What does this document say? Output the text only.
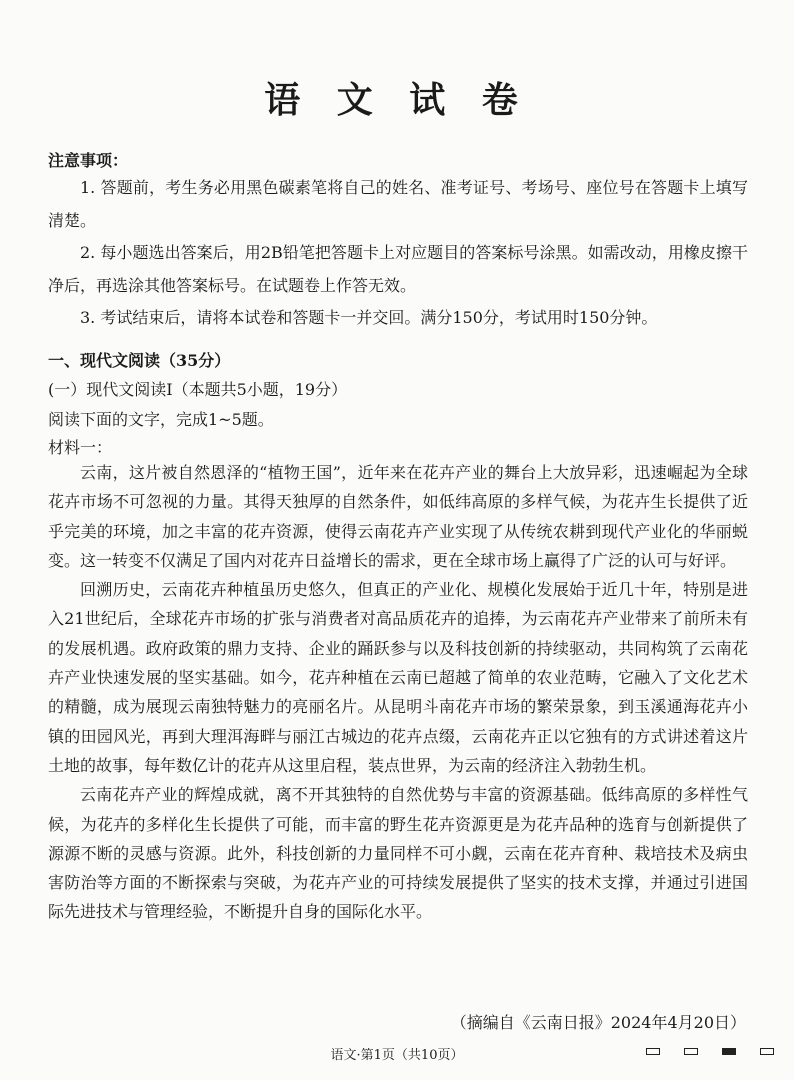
语 文 试 卷
注意事项：

1. 答题前，考生务必用黑色碳素笔将自己的姓名、准考证号、考场号、座位号在答题卡上填写清楚。

2. 每小题选出答案后，用2B铅笔把答题卡上对应题目的答案标号涂黑。如需改动，用橡皮擦干净后，再选涂其他答案标号。在试题卷上作答无效。

3. 考试结束后，请将本试卷和答题卡一并交回。满分150分，考试用时150分钟。

一、现代文阅读（35分）
(一）现代文阅读Ⅰ（本题共5小题，19分）
阅读下面的文字，完成1~5题。
材料一：

云南，这片被自然恩泽的“植物王国”，近年来在花卉产业的舞台上大放异彩，迅速崛起为全球花卉市场不可忽视的力量。其得天独厚的自然条件，如低纬高原的多样气候，为花卉生长提供了近乎完美的环境，加之丰富的花卉资源，使得云南花卉产业实现了从传统农耕到现代产业化的华丽蜕变。这一转变不仅满足了国内对花卉日益增长的需求，更在全球市场上赢得了广泛的认可与好评。

回溯历史，云南花卉种植虽历史悠久，但真正的产业化、规模化发展始于近几十年，特别是进入21世纪后，全球花卉市场的扩张与消费者对高品质花卉的追捧，为云南花卉产业带来了前所未有的发展机遇。政府政策的鼎力支持、企业的踊跃参与以及科技创新的持续驱动，共同构筑了云南花卉产业快速发展的坚实基础。如今，花卉种植在云南已超越了简单的农业范畴，它融入了文化艺术的精髓，成为展现云南独特魅力的亮丽名片。从昆明斗南花卉市场的繁荣景象，到玉溪通海花卉小镇的田园风光，再到大理洱海畔与丽江古城边的花卉点缀，云南花卉正以它独有的方式讲述着这片土地的故事，每年数亿计的花卉从这里启程，装点世界，为云南的经济注入勃勃生机。

云南花卉产业的辉煌成就，离不开其独特的自然优势与丰富的资源基础。低纬高原的多样性气候，为花卉的多样化生长提供了可能，而丰富的野生花卉资源更是为花卉品种的选育与创新提供了源源不断的灵感与资源。此外，科技创新的力量同样不可小觑，云南在花卉育种、栽培技术及病虫害防治等方面的不断探索与突破，为花卉产业的可持续发展提供了坚实的技术支撑，并通过引进国际先进技术与管理经验，不断提升自身的国际化水平。

（摘编自《云南日报》2024年4月20日）
语文·第1页（共10页）
